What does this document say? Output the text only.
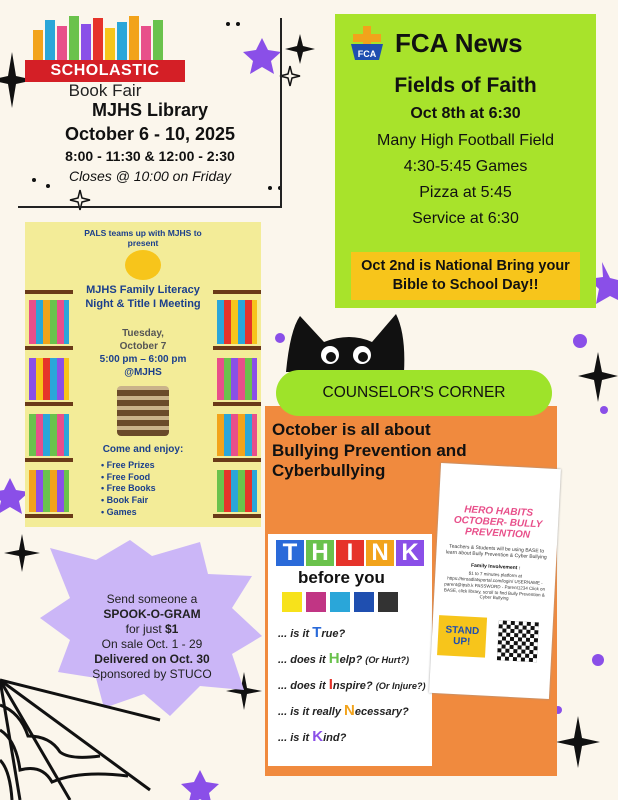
SCHOLASTIC
Book Fair
MJHS Library
October 6 - 10, 2025
8:00 - 11:30 & 12:00 - 2:30
Closes @ 10:00 on Friday
FCA FCA News
Fields of Faith
Oct 8th at 6:30
Many High Football Field
4:30-5:45 Games
Pizza at 5:45
Service at 6:30
Oct 2nd is National Bring your Bible to School Day!!
PALS teams up with MJHS to present
MJHS Family Literacy Night & Title I Meeting
Tuesday,
October 7
5:00 pm – 6:00 pm
@MJHS
Come and enjoy:
• Free Prizes
• Free Food
• Free Books
• Book Fair
• Games
COUNSELOR'S CORNER
October is all about Bullying Prevention and Cyberbullying
T H I N K
before you
... is it True?
... does it Help? (Or Hurt?)
... does it Inspire? (Or Injure?)
... is it really Necessary?
... is it Kind?
HERO HABITS OCTOBER- BULLY PREVENTION
Teachers & Students will be using BASE to learn about Bully Prevention & Cyber Bullying
Family Involvement :
$1 to 7 minutes platform at https://hiroadlatsportal.com/login/ USERNAME - parent@ipsb.k PASSWORD - Parent1234 Click on BASE, click library, scroll to find Bully Prevention & Cyber Bullying
STAND UP!
Send someone a
SPOOK-O-GRAM
for just $1
On sale Oct. 1 - 29
Delivered on Oct. 30
Sponsored by STUCO
